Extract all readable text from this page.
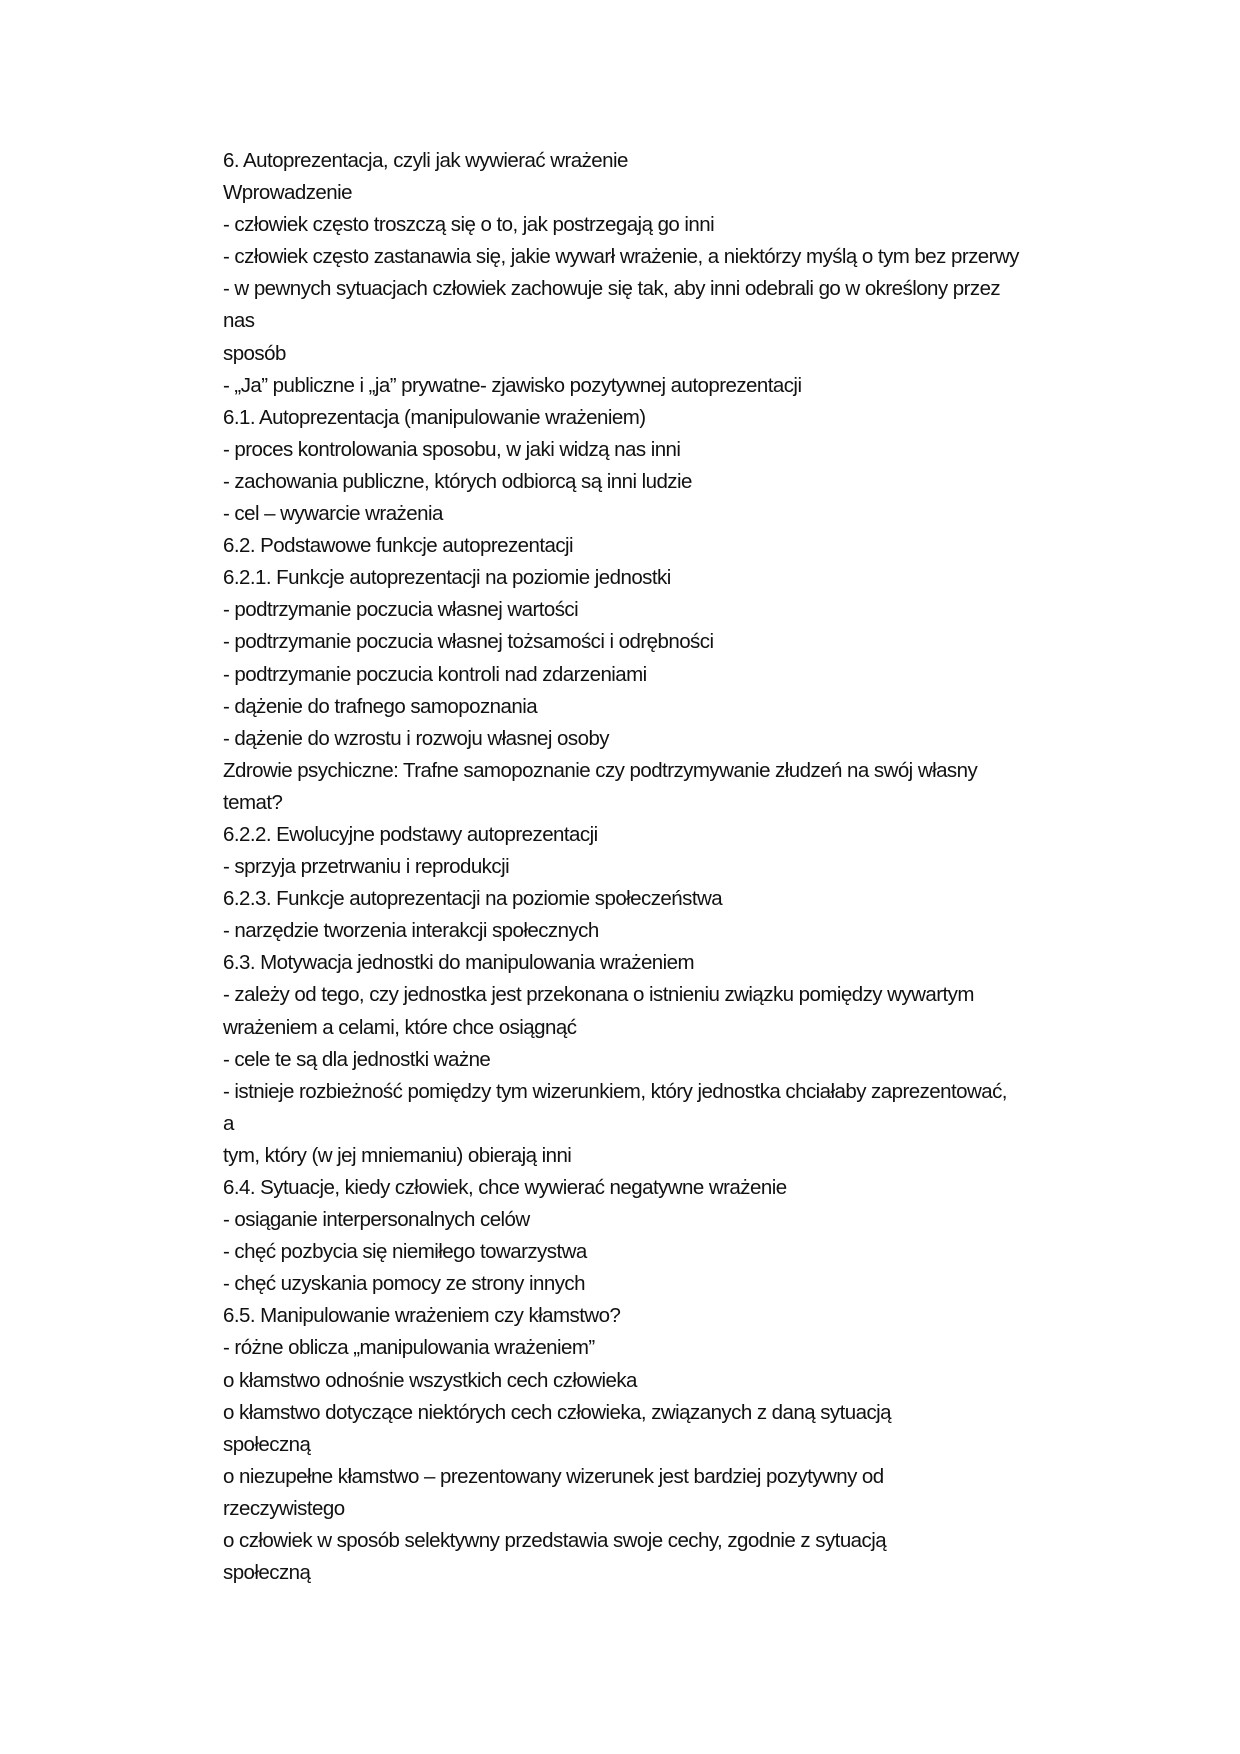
6. Autoprezentacja, czyli jak wywierać wrażenie
Wprowadzenie
- człowiek często troszczą się o to, jak postrzegają go inni
- człowiek często zastanawia się, jakie wywarł wrażenie, a niektórzy myślą o tym bez przerwy
- w pewnych sytuacjach człowiek zachowuje się tak, aby inni odebrali go w określony przez
nas
sposób
- „Ja” publiczne i „ja” prywatne- zjawisko pozytywnej autoprezentacji
6.1. Autoprezentacja (manipulowanie wrażeniem)
- proces kontrolowania sposobu, w jaki widzą nas inni
- zachowania publiczne, których odbiorcą są inni ludzie
- cel – wywarcie wrażenia
6.2. Podstawowe funkcje autoprezentacji
6.2.1. Funkcje autoprezentacji na poziomie jednostki
- podtrzymanie poczucia własnej wartości
- podtrzymanie poczucia własnej tożsamości i odrębności
- podtrzymanie poczucia kontroli nad zdarzeniami
- dążenie do trafnego samopoznania
- dążenie do wzrostu i rozwoju własnej osoby
Zdrowie psychiczne: Trafne samopoznanie czy podtrzymywanie złudzeń na swój własny
temat?
6.2.2. Ewolucyjne podstawy autoprezentacji
- sprzyja przetrwaniu i reprodukcji
6.2.3. Funkcje autoprezentacji na poziomie społeczeństwa
- narzędzie tworzenia interakcji społecznych
6.3. Motywacja jednostki do manipulowania wrażeniem
- zależy od tego, czy jednostka jest przekonana o istnieniu związku pomiędzy wywartym
wrażeniem a celami, które chce osiągnąć
- cele te są dla jednostki ważne
- istnieje rozbieżność pomiędzy tym wizerunkiem, który jednostka chciałaby zaprezentować,
a
tym, który (w jej mniemaniu) obierają inni
6.4. Sytuacje, kiedy człowiek, chce wywierać negatywne wrażenie
- osiąganie interpersonalnych celów
- chęć pozbycia się niemiłego towarzystwa
- chęć uzyskania pomocy ze strony innych
6.5. Manipulowanie wrażeniem czy kłamstwo?
- różne oblicza „manipulowania wrażeniem”
o kłamstwo odnośnie wszystkich cech człowieka
o kłamstwo dotyczące niektórych cech człowieka, związanych z daną sytuacją
społeczną
o niezupełne kłamstwo – prezentowany wizerunek jest bardziej pozytywny od
rzeczywistego
o człowiek w sposób selektywny przedstawia swoje cechy, zgodnie z sytuacją
społeczną
